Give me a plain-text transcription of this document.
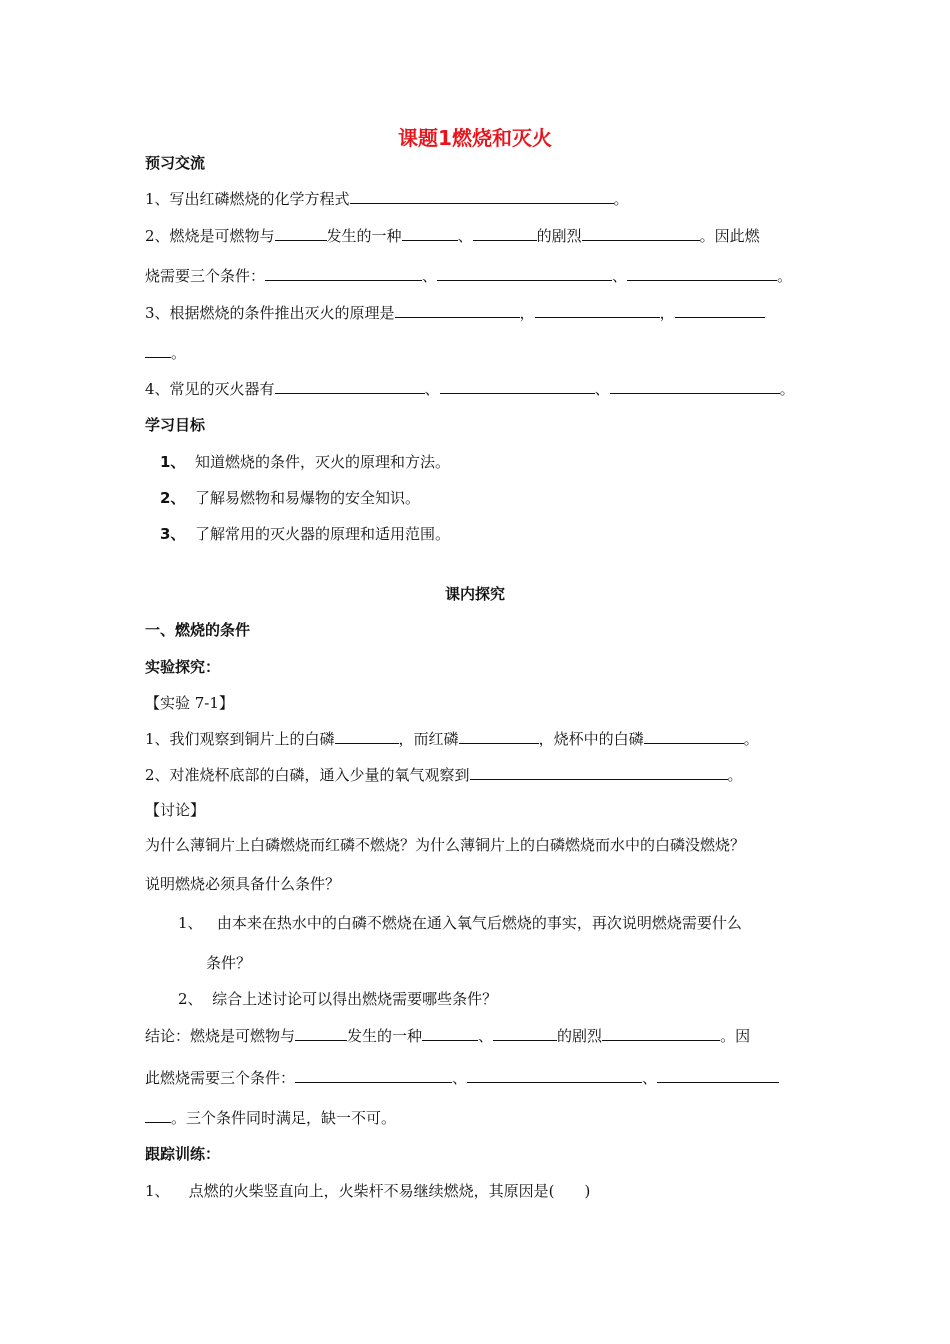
课题1燃烧和灭火
预习交流
1、写出红磷燃烧的化学方程式	。
2、燃烧是可燃物与	发生的一种	、	的剧烈	。因此燃
烧需要三个条件：	、	、	。
3、根据燃烧的条件推出灭火的原理是	，	，
。
4、常见的灭火器有	、	、	。
学习目标
1、 知道燃烧的条件，灭火的原理和方法。
2、 了解易燃物和易爆物的安全知识。
3、 了解常用的灭火器的原理和适用范围。
课内探究
一、燃烧的条件
实验探究：
【实验 7-1】
1、我们观察到铜片上的白磷	，而红磷	，烧杯中的白磷	。
2、对准烧杯底部的白磷，通入少量的氧气观察到	。
【讨论】
为什么薄铜片上白磷燃烧而红磷不燃烧？为什么薄铜片上的白磷燃烧而水中的白磷没燃烧？
说明燃烧必须具备什么条件？
1、 由本来在热水中的白磷不燃烧在通入氧气后燃烧的事实，再次说明燃烧需要什么
条件？
2、 综合上述讨论可以得出燃烧需要哪些条件？
结论：燃烧是可燃物与	发生的一种	、	的剧烈	。因
此燃烧需要三个条件：	、	、
。三个条件同时满足，缺一不可。
跟踪训练：
1、 点燃的火柴竖直向上，火柴杆不易继续燃烧，其原因是(　　)
